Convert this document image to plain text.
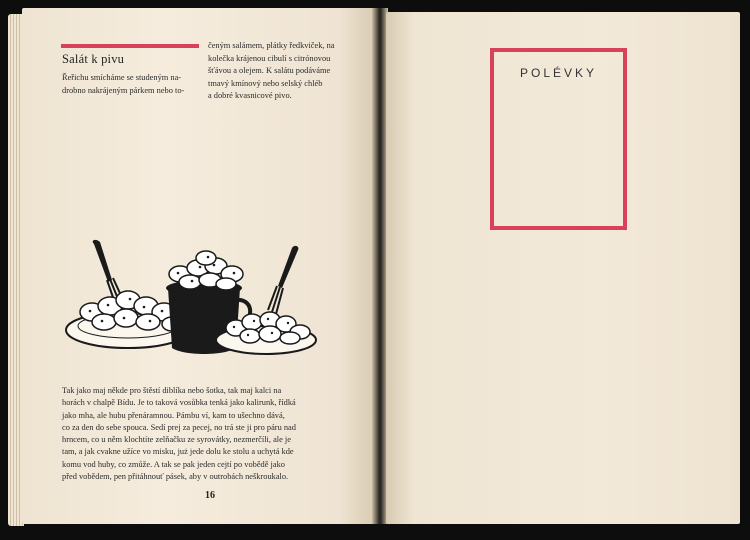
Salát k pivu
Řeřichu smícháme se studeným na-
drobno nakrájeným párkem nebo to-
čeným salámem, plátky ředkviček, na
kolečka krájenou cibulí s citrónovou
šťávou a olejem. K salátu podáváme
tmavý kmínový nebo selský chléb
a dobré kvasnicové pivo.
Tak jako maj někde pro štěstí diblíka nebo šotka, tak maj kalci na
horách v chalpě Bídu. Je to taková vosůbka tenká jako kalirunk, řídká
jako mha, ale hubu přenáramnou. Pámbu ví, kam to ušechno dává,
co za den do sebe spouca. Sedí prej za pecej, no trá ste ji pro páru nad
hrncem, co u něm klochtíte zelňačku ze syrovátky, nezmerčíli, ale je
tam, a jak cvakne užíce vo misku, już jede dolu ke stolu a uchytá kde
komu vod huby, co zmůže. A tak se pak jeden cejtí po vobědě jako
před vobědem, pen přitáhnouť pásek, aby v outrobách neškroukalo.
16
POLÉVKY
